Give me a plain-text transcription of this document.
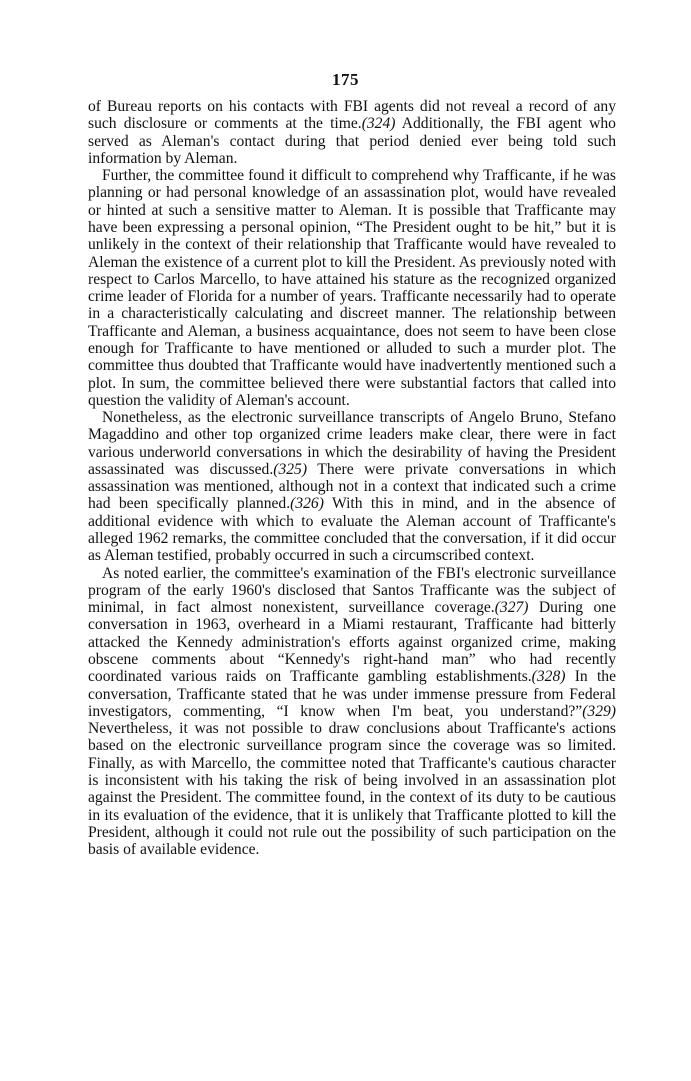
175

of Bureau reports on his contacts with FBI agents did not reveal a record of any such disclosure or comments at the time.(324) Additionally, the FBI agent who served as Aleman's contact during that period denied ever being told such information by Aleman.

Further, the committee found it difficult to comprehend why Trafficante, if he was planning or had personal knowledge of an assassination plot, would have revealed or hinted at such a sensitive matter to Aleman. It is possible that Trafficante may have been expressing a personal opinion, “The President ought to be hit,” but it is unlikely in the context of their relationship that Trafficante would have revealed to Aleman the existence of a current plot to kill the President. As previously noted with respect to Carlos Marcello, to have attained his stature as the recognized organized crime leader of Florida for a number of years. Trafficante necessarily had to operate in a characteristically calculating and discreet manner. The relationship between Trafficante and Aleman, a business acquaintance, does not seem to have been close enough for Trafficante to have mentioned or alluded to such a murder plot. The committee thus doubted that Trafficante would have inadvertently mentioned such a plot. In sum, the committee believed there were substantial factors that called into question the validity of Aleman's account.

Nonetheless, as the electronic surveillance transcripts of Angelo Bruno, Stefano Magaddino and other top organized crime leaders make clear, there were in fact various underworld conversations in which the desirability of having the President assassinated was discussed.(325) There were private conversations in which assassination was mentioned, although not in a context that indicated such a crime had been specifically planned.(326) With this in mind, and in the absence of additional evidence with which to evaluate the Aleman account of Trafficante's alleged 1962 remarks, the committee concluded that the conversation, if it did occur as Aleman testified, probably occurred in such a circumscribed context.

As noted earlier, the committee's examination of the FBI's electronic surveillance program of the early 1960's disclosed that Santos Trafficante was the subject of minimal, in fact almost nonexistent, surveillance coverage.(327) During one conversation in 1963, overheard in a Miami restaurant, Trafficante had bitterly attacked the Kennedy administration's efforts against organized crime, making obscene comments about “Kennedy's right-hand man” who had recently coordinated various raids on Trafficante gambling establishments.(328) In the conversation, Trafficante stated that he was under immense pressure from Federal investigators, commenting, “I know when I'm beat, you understand?”(329) Nevertheless, it was not possible to draw conclusions about Trafficante's actions based on the electronic surveillance program since the coverage was so limited. Finally, as with Marcello, the committee noted that Trafficante's cautious character is inconsistent with his taking the risk of being involved in an assassination plot against the President. The committee found, in the context of its duty to be cautious in its evaluation of the evidence, that it is unlikely that Trafficante plotted to kill the President, although it could not rule out the possibility of such participation on the basis of available evidence.
